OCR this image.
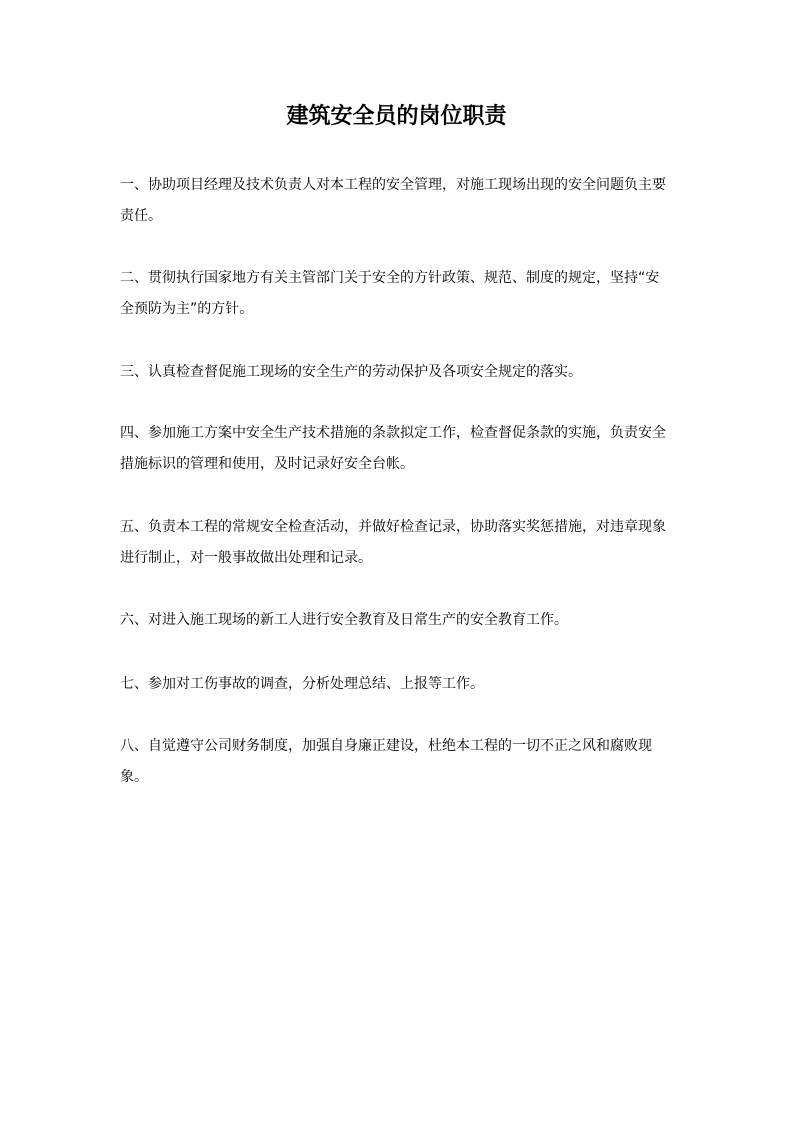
建筑安全员的岗位职责

一、协助项目经理及技术负责人对本工程的安全管理，对施工现场出现的安全问题负主要责任。

二、贯彻执行国家地方有关主管部门关于安全的方针政策、规范、制度的规定，坚持“安全预防为主”的方针。

三、认真检查督促施工现场的安全生产的劳动保护及各项安全规定的落实。

四、参加施工方案中安全生产技术措施的条款拟定工作，检查督促条款的实施，负责安全措施标识的管理和使用，及时记录好安全台帐。

五、负责本工程的常规安全检查活动，并做好检查记录，协助落实奖惩措施，对违章现象进行制止，对一般事故做出处理和记录。

六、对进入施工现场的新工人进行安全教育及日常生产的安全教育工作。

七、参加对工伤事故的调查，分析处理总结、上报等工作。

八、自觉遵守公司财务制度，加强自身廉正建设，杜绝本工程的一切不正之风和腐败现象。
